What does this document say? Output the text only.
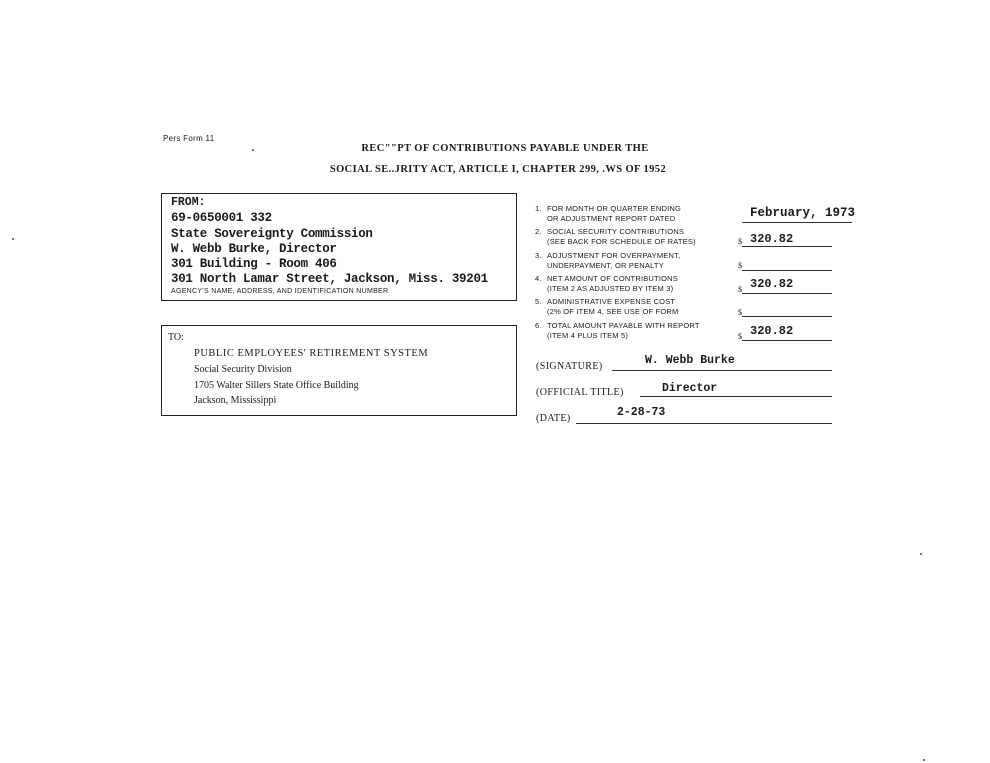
Pers Form 11
REC""PT OF CONTRIBUTIONS PAYABLE UNDER THE
SOCIAL SE..JRITY ACT, ARTICLE I, CHAPTER 299, .WS OF 1952
FROM:
69-0650001 332
State Sovereignty Commission
W. Webb Burke, Director
301 Building - Room 406
301 North Lamar Street, Jackson, Miss. 39201
AGENCY'S NAME, ADDRESS, AND IDENTIFICATION NUMBER
TO:
PUBLIC EMPLOYEES' RETIREMENT SYSTEM
Social Security Division
1705 Walter Sillers State Office Building
Jackson, Mississippi
1. FOR MONTH OR QUARTER ENDING
OR ADJUSTMENT REPORT DATED	February, 1973
2. SOCIAL SECURITY CONTRIBUTIONS
(SEE BACK FOR SCHEDULE OF RATES)	$ 320.82
3. ADJUSTMENT FOR OVERPAYMENT,
UNDERPAYMENT, OR PENALTY	$
4. NET AMOUNT OF CONTRIBUTIONS
(ITEM 2 AS ADJUSTED BY ITEM 3)	$ 320.82
5. ADMINISTRATIVE EXPENSE COST
(2% OF ITEM 4, SEE USE OF FORM	$
6. TOTAL AMOUNT PAYABLE WITH REPORT
(ITEM 4 PLUS ITEM 5)	$ 320.82
(SIGNATURE)	W. Webb Burke
(OFFICIAL TITLE)	Director
(DATE)	2-28-73
